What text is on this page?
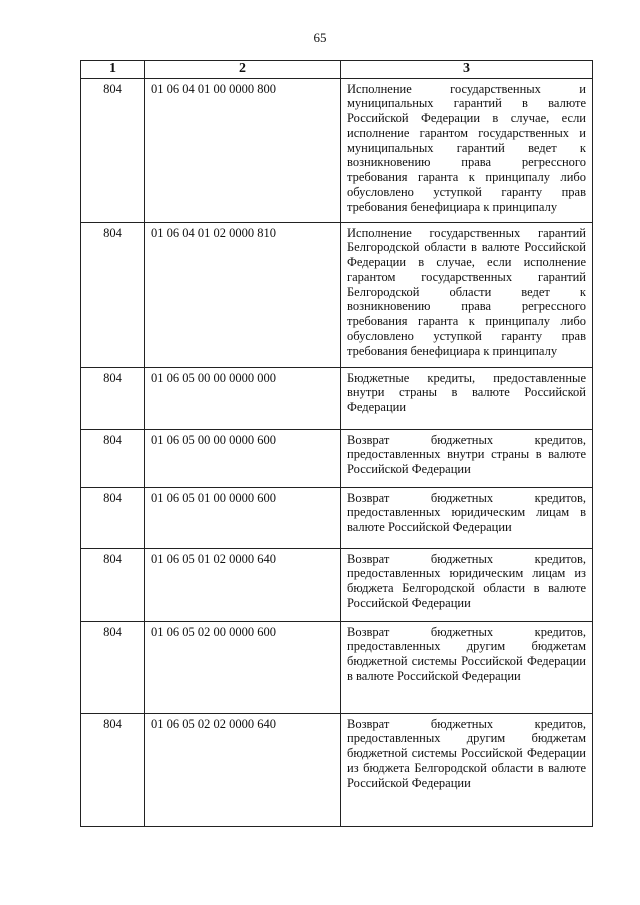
65
1	2	3
804	01 06 04 01 00 0000 800	Исполнение государственных и муниципальных гарантий в валюте Российской Федерации в случае, если исполнение гарантом государственных и муниципальных гарантий ведет к возникновению права регрессного требования гаранта к принципалу либо обусловлено уступкой гаранту прав требования бенефициара к принципалу
804	01 06 04 01 02 0000 810	Исполнение государственных гарантий Белгородской области в валюте Российской Федерации в случае, если исполнение гарантом государственных гарантий Белгородской области ведет к возникновению права регрессного требования гаранта к принципалу либо обусловлено уступкой гаранту прав требования бенефициара к принципалу
804	01 06 05 00 00 0000 000	Бюджетные кредиты, предоставленные внутри страны в валюте Российской Федерации
804	01 06 05 00 00 0000 600	Возврат бюджетных кредитов, предоставленных внутри страны в валюте Российской Федерации
804	01 06 05 01 00 0000 600	Возврат бюджетных кредитов, предоставленных юридическим лицам в валюте Российской Федерации
804	01 06 05 01 02 0000 640	Возврат бюджетных кредитов, предоставленных юридическим лицам из бюджета Белгородской области в валюте Российской Федерации
804	01 06 05 02 00 0000 600	Возврат бюджетных кредитов, предоставленных другим бюджетам бюджетной системы Российской Федерации в валюте Российской Федерации
804	01 06 05 02 02 0000 640	Возврат бюджетных кредитов, предоставленных другим бюджетам бюджетной системы Российской Федерации из бюджета Белгородской области в валюте Российской Федерации
